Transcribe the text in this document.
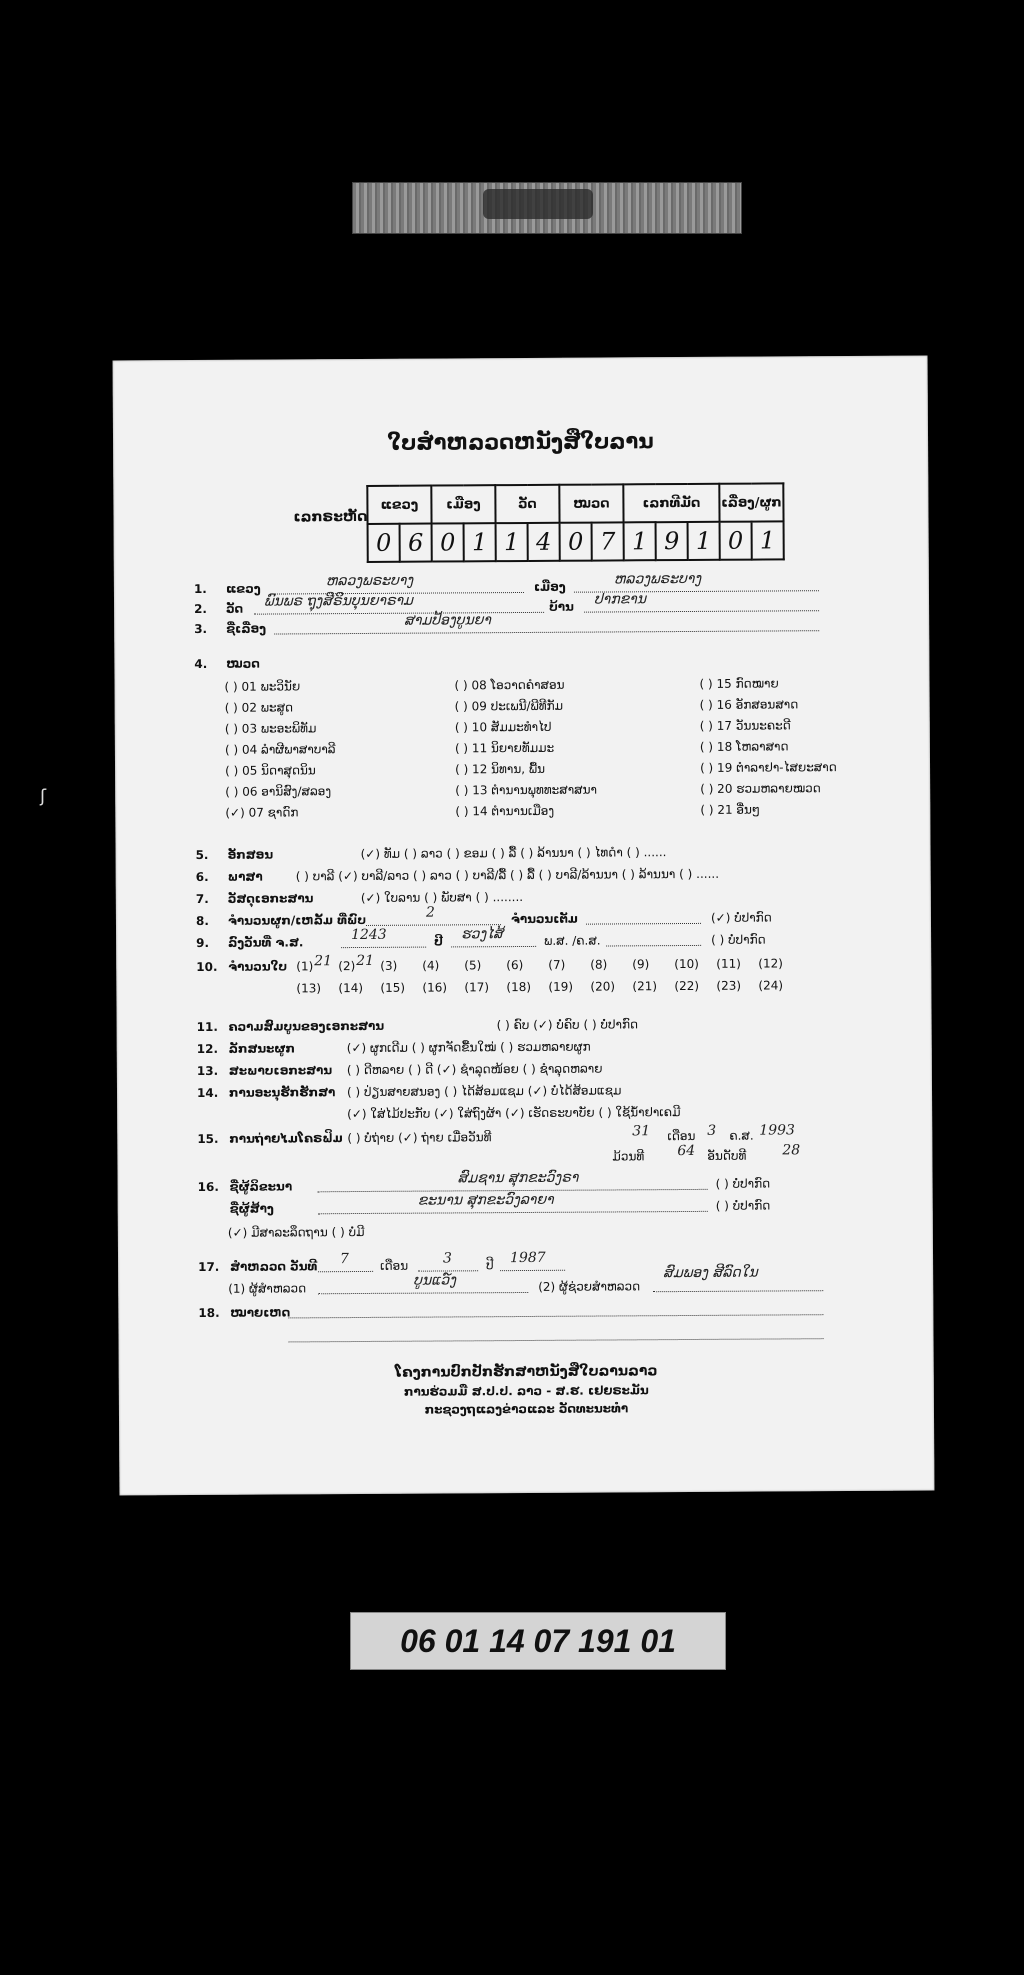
ʃ
ໃບສໍາຫລວດຫນັງສືໃບລານ
ເລກຣະຫັດ
ແຂວງ		ເມືອງ		ວັດ		ໝວດ		ເລກທີມັດ			ເລື່ອງ/ຜູກ	
0	6	0	1	1	4	0	7	1	9	1	0	1
1. ແຂວງ	ຫລວງພຣະບາງ	ເມືອງ	ຫລວງພຣະບາງ
2. ວັດ ພົນພຣ ຖຸງສີຣິນບຸນຍາຣາມ	ບ້ານ ປາກຂານ
3. ຊື່ເລື່ອງ	ສາມປ້ອງບູນຍາ
4. ໝວດ
( ) 01 ພະວິນັຍ
( ) 02 ພະສູດ
( ) 03 ພະອະພິທັມ
( ) 04 ລໍາຜີພາສາບາລີ
( ) 05 ນິດາສຸດນິນ
( ) 06 ອານິສົງ/ສລອງ
(✓) 07 ຊາດົກ
( ) 08 ໂອວາດຄໍາສອນ
( ) 09 ປະເພນີ/ພີທີກັມ
( ) 10 ສັມມະທໍາໄປ
( ) 11 ນິຍາຍທັມມະ
( ) 12 ນິທານ, ພື້ນ
( ) 13 ຕໍານານພຸທທະສາສນາ
( ) 14 ຕໍານານເມືອງ
( ) 15 ກົດໝາຍ
( ) 16 ອັກສອນສາດ
( ) 17 ວັນນະຄະດີ
( ) 18 ໂຫລາສາດ
( ) 19 ຕໍາລາຢາ-ໄສຍະສາດ
( ) 20 ຮວມຫລາຍໝວດ
( ) 21 ອື່ນໆ
5. ອັກສອນ	(✓) ທັມ ( ) ລາວ ( ) ຂອມ ( ) ລື້ ( ) ລ້ານນາ ( ) ໄທດໍາ ( ) ......
6. ພາສາ	( ) ບາລີ (✓) ບາລີ/ລາວ ( ) ລາວ ( ) ບາລີ/ລື້ ( ) ລື້ ( ) ບາລີ/ລ້ານນາ ( ) ລ້ານນາ ( ) ......
7. ວັສດຸເອກະສານ	(✓) ໃບລານ ( ) ພັບສາ ( ) ........
8. ຈໍານວນຜູກ/ເຫລັ້ມ ທີ່ພົບ	2	ຈໍານວນເຕັມ	(✓) ບໍ່ປາກົດ
9. ລົງວັນທີ່ ຈ.ສ.	1243	ປີ ຮວງໄສ້	ພ.ສ. /ຄ.ສ.	( ) ບໍ່ປາກົດ
10. ຈໍານວນໃບ
11. ຄວາມສົມບູນຂອງເອກະສານ	( ) ຄົບ (✓) ບໍ່ຄົບ ( ) ບໍ່ປາກົດ
12. ລັກສນະຜູກ	(✓) ຜູກເດີມ ( ) ຜູກຈັດຂື້ນໃໝ່ ( ) ຮວມຫລາຍຜູກ
13. ສະພາບເອກະສານ ( ) ດີຫລາຍ ( ) ດີ (✓) ຊໍາລຸດໜ້ອຍ ( ) ຊໍາລຸດຫລາຍ
14. ການອະນຸຮັກຮັກສາ ( ) ປ່ຽນສາຍສນອງ ( ) ໄດ້ສ້ອມແຊມ (✓) ບໍ່ໄດ້ສ້ອມແຊມ
(✓) ໃສ່ໄມ້ປະກັບ (✓) ໃສ່ຖົງຜ້າ (✓) ເຮັດຣະບາບັຍ ( ) ໃຊ້ນໍ້າຢາເຄມີ
15. ການຖ່າຍໄມໂຄຣຟິມ ( ) ບໍ່ຖ່າຍ (✓) ຖ່າຍ ເມື່ອວັນທີ	31 ເດືອນ 3 ຄ.ສ. 1993
ມ້ວນທີ 64 ອັນດັບທີ	28
16. ຊື່ຜູ້ລິຂະນາ
ສົມຊານ ສຸກຂະວົງຣາ	( ) ບໍ່ປາກົດ
ຊື່ຜູ້ສ້າງ
ຂະນານ ສຸກຂະວົງລາຍາ	( ) ບໍ່ປາກົດ
(✓) ມີສາລະລຶດຖານ ( ) ບໍ່ມີ
17. ສໍາຫລວດ ວັນທີ 7	ເດືອນ 3	ປີ 1987
(1) ຜູ້ສໍາຫລວດ	ບູນແວ໌ງ	(2) ຜູ້ຊ່ວຍສໍາຫລວດ
ສົມພອງ ສີລົດໃນ
18. ໝາຍເຫດ
ໂຄງການປົກປັກຮັກສາຫນັງສືໃບລານລາວ
ການຮ່ວມມື ສ.ປ.ປ. ລາວ - ສ.ຮ. ເຢຍຣະມັນ
ກະຊວງຖແລງຂ່າວແລະ ວັດທະນະທໍາ
(1) 21 (2) 21 (3) (4) (5) (6) (7) (8) (9) (10) (11) (12)
(13) (14) (15) (16) (17) (18) (19) (20) (21) (22) (23) (24)
06 01 14 07 191 01
